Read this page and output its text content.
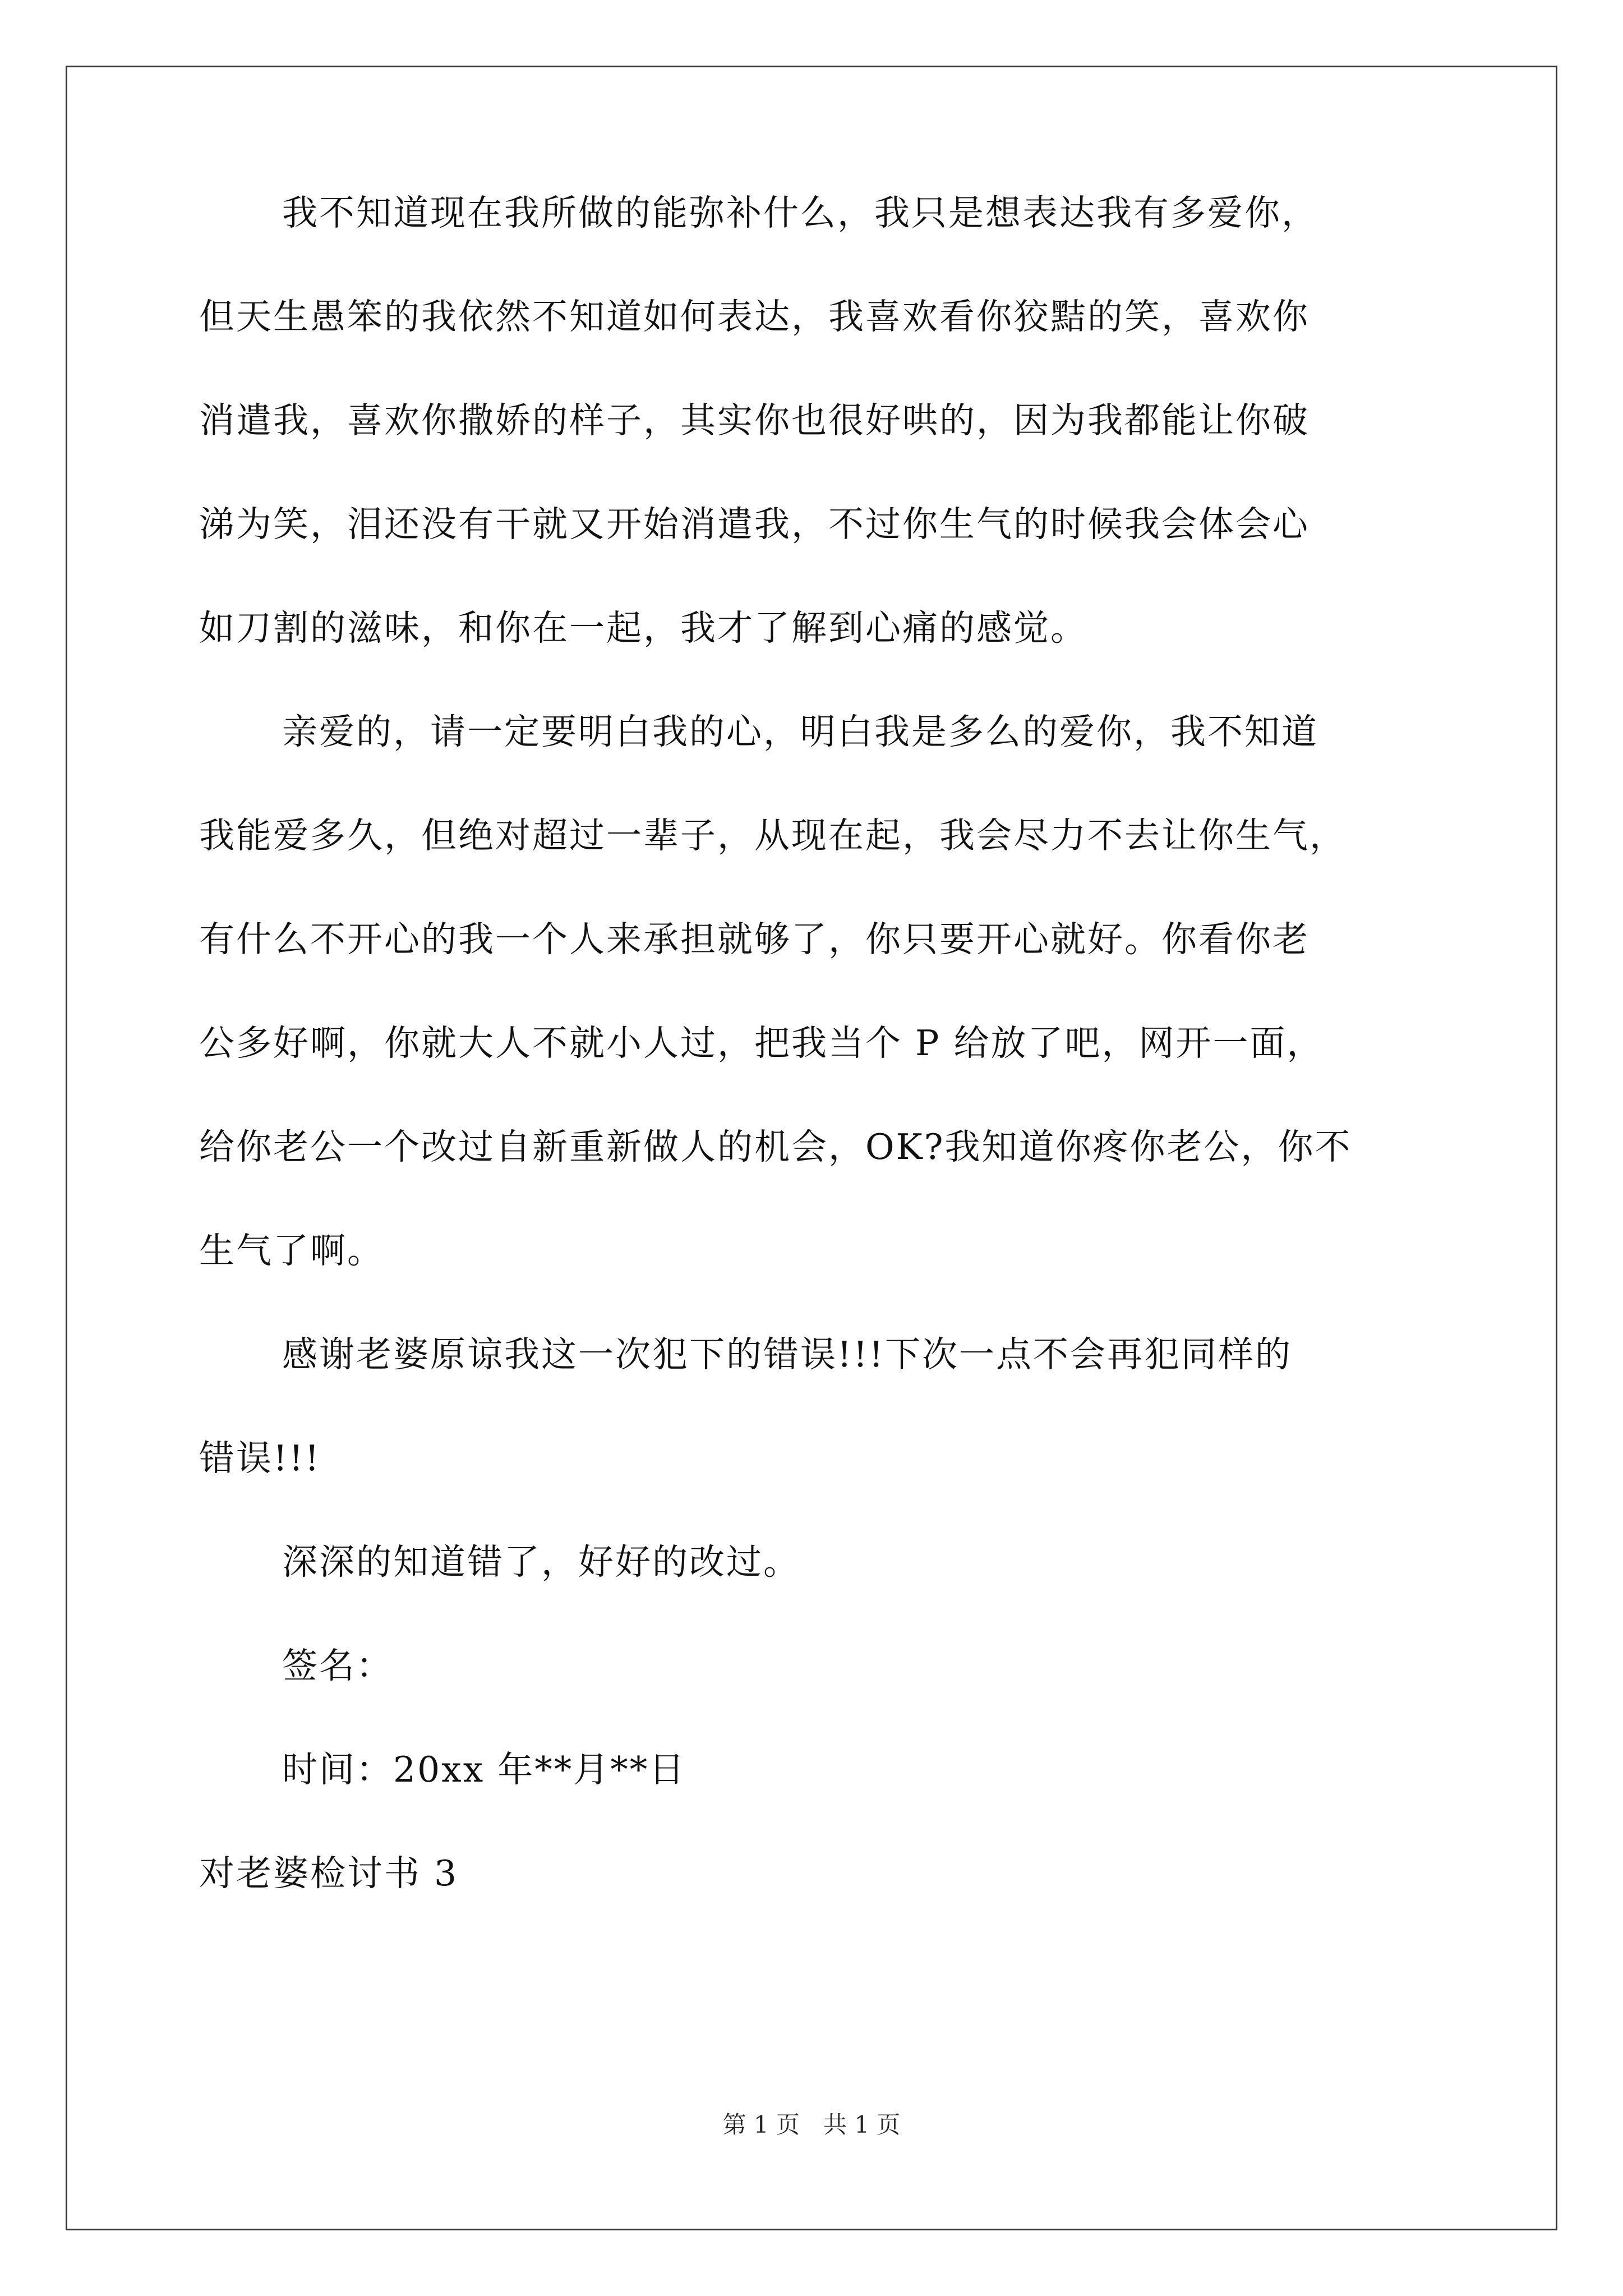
我不知道现在我所做的能弥补什么，我只是想表达我有多爱你，
但天生愚笨的我依然不知道如何表达，我喜欢看你狡黠的笑，喜欢你
消遣我，喜欢你撒娇的样子，其实你也很好哄的，因为我都能让你破
涕为笑，泪还没有干就又开始消遣我，不过你生气的时候我会体会心
如刀割的滋味，和你在一起，我才了解到心痛的感觉。
亲爱的，请一定要明白我的心，明白我是多么的爱你，我不知道
我能爱多久，但绝对超过一辈子，从现在起，我会尽力不去让你生气，
有什么不开心的我一个人来承担就够了，你只要开心就好。你看你老
公多好啊，你就大人不就小人过，把我当个 P 给放了吧，网开一面，
给你老公一个改过自新重新做人的机会，OK?我知道你疼你老公，你不
生气了啊。
感谢老婆原谅我这一次犯下的错误!!!下次一点不会再犯同样的
错误!!!
深深的知道错了，好好的改过。
签名：
时间：20xx 年**月**日
对老婆检讨书 3
第 1 页　共 1 页
